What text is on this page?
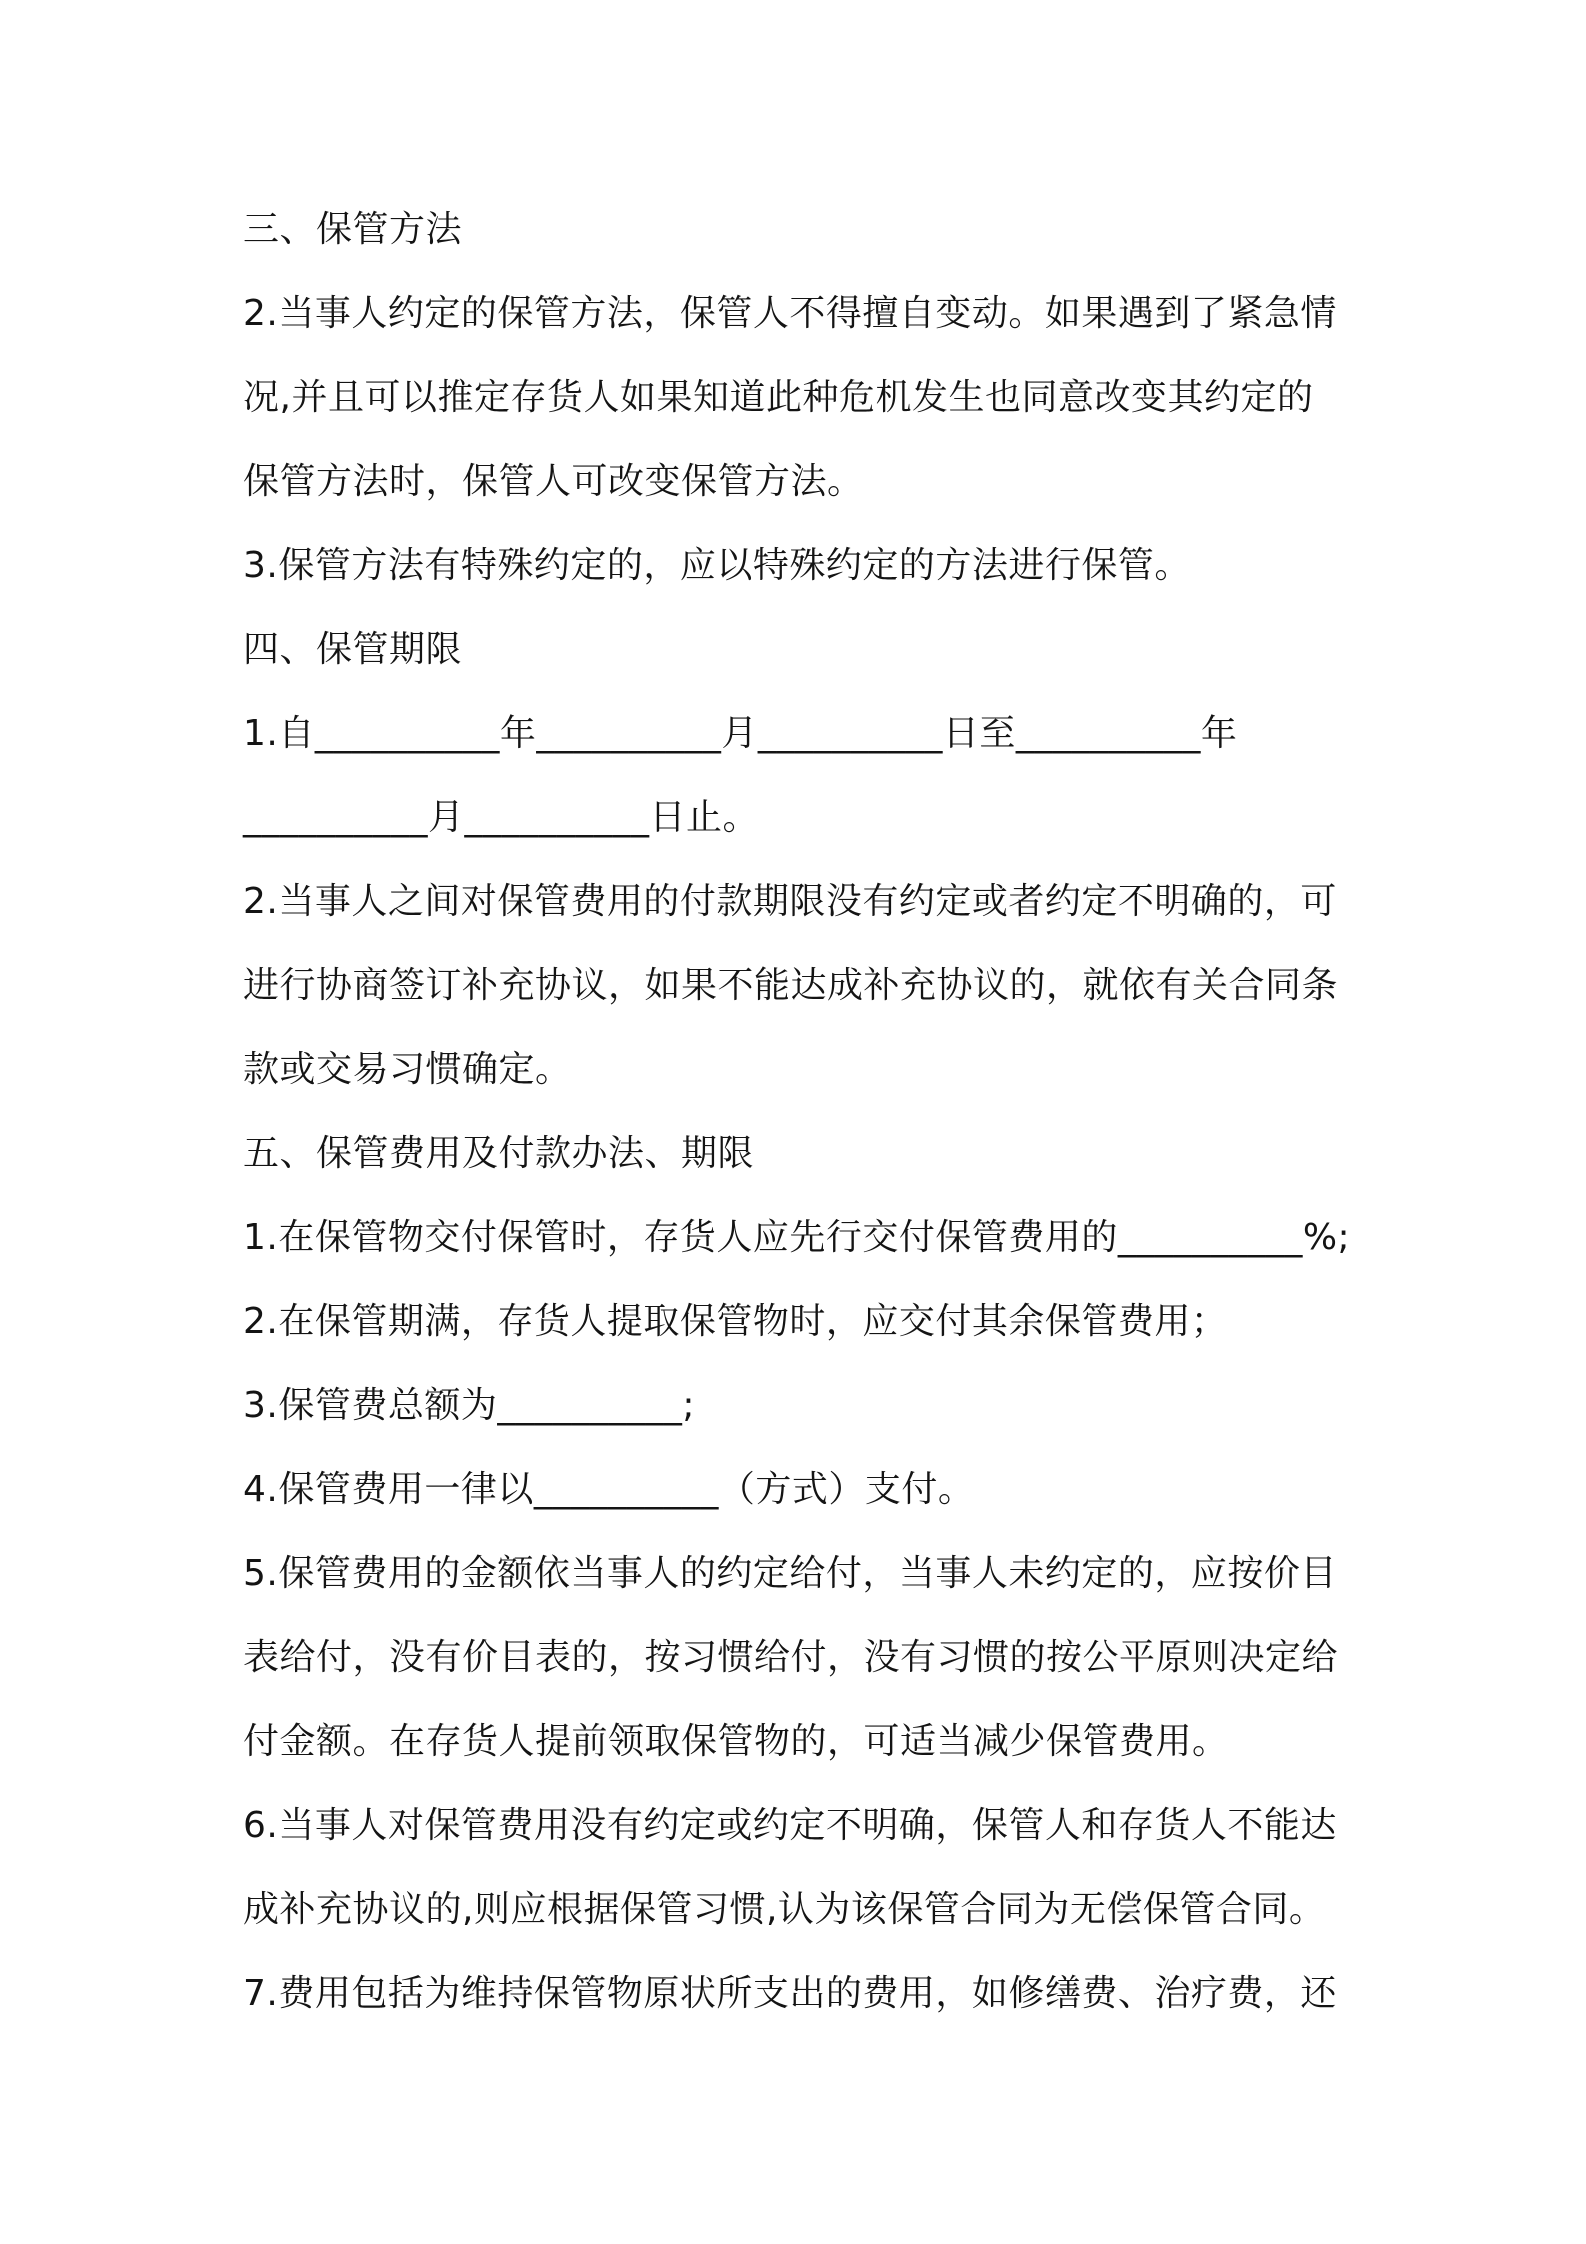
三、保管方法
2.当事人约定的保管方法，保管人不得擅自变动。如果遇到了紧急情
况,并且可以推定存货人如果知道此种危机发生也同意改变其约定的
保管方法时，保管人可改变保管方法。
3.保管方法有特殊约定的，应以特殊约定的方法进行保管。
四、保管期限
1.自__________年__________月__________日至__________年
__________月__________日止。
2.当事人之间对保管费用的付款期限没有约定或者约定不明确的，可
进行协商签订补充协议，如果不能达成补充协议的，就依有关合同条
款或交易习惯确定。
五、保管费用及付款办法、期限
1.在保管物交付保管时，存货人应先行交付保管费用的__________%;
2.在保管期满，存货人提取保管物时，应交付其余保管费用；
3.保管费总额为__________;
4.保管费用一律以__________（方式）支付。
5.保管费用的金额依当事人的约定给付，当事人未约定的，应按价目
表给付，没有价目表的，按习惯给付，没有习惯的按公平原则决定给
付金额。在存货人提前领取保管物的，可适当减少保管费用。
6.当事人对保管费用没有约定或约定不明确，保管人和存货人不能达
成补充协议的,则应根据保管习惯,认为该保管合同为无偿保管合同。
7.费用包括为维持保管物原状所支出的费用，如修缮费、治疗费，还
